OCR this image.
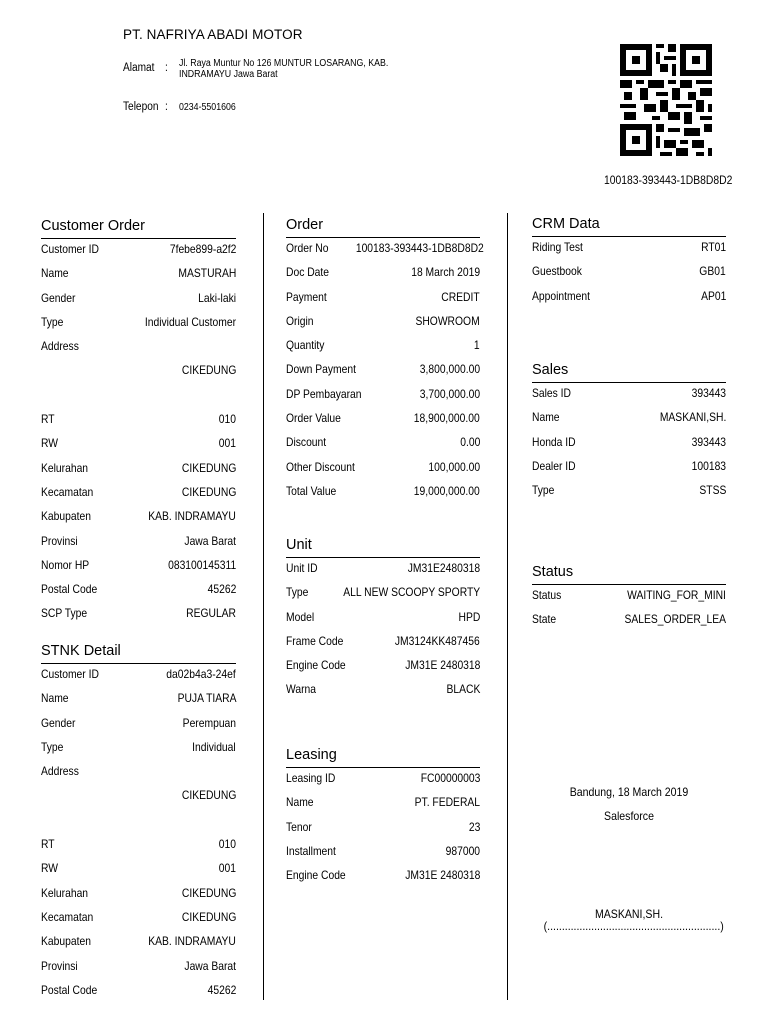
PT. NAFRIYA ABADI MOTOR
Alamat : Jl. Raya Muntur No 126 MUNTUR LOSARANG, KAB.
INDRAMAYU Jawa Barat
Telepon : 0234-5501606
100183-393443-1DB8D8D2
Customer Order
Customer ID	7febe899-a2f2
Name	MASTURAH
Gender	Laki-laki
Type	Individual Customer
Address
CIKEDUNG
RT	010
RW	001
Kelurahan	CIKEDUNG
Kecamatan	CIKEDUNG
Kabupaten	KAB. INDRAMAYU
Provinsi	Jawa Barat
Nomor HP	083100145311
Postal Code	45262
SCP Type	REGULAR
STNK Detail
Customer ID	da02b4a3-24ef
Name	PUJA TIARA
Gender	Perempuan
Type	Individual
Address
CIKEDUNG
RT	010
RW	001
Kelurahan	CIKEDUNG
Kecamatan	CIKEDUNG
Kabupaten	KAB. INDRAMAYU
Provinsi	Jawa Barat
Postal Code	45262
Order
Order No 100183-393443-1DB8D8D2
Doc Date	18 March 2019
Payment	CREDIT
Origin	SHOWROOM
Quantity	1
Down Payment	3,800,000.00
DP Pembayaran	3,700,000.00
Order Value	18,900,000.00
Discount	0.00
Other Discount	100,000.00
Total Value	19,000,000.00
Unit
Unit ID	JM31E2480318
Type	ALL NEW SCOOPY SPORTY
Model	HPD
Frame Code	JM3124KK487456
Engine Code	JM31E 2480318
Warna	BLACK
Leasing
Leasing ID	FC00000003
Name	PT. FEDERAL
Tenor	23
Installment	987000
Engine Code	JM31E 2480318
CRM Data
Riding Test	RT01
Guestbook	GB01
Appointment	AP01
Sales
Sales ID	393443
Name	MASKANI,SH.
Honda ID	393443
Dealer ID	100183
Type	STSS
Status
Status	WAITING_FOR_MINI
State	SALES_ORDER_LEA
Bandung, 18 March 2019
Salesforce
MASKANI,SH.
(...........................................................)
